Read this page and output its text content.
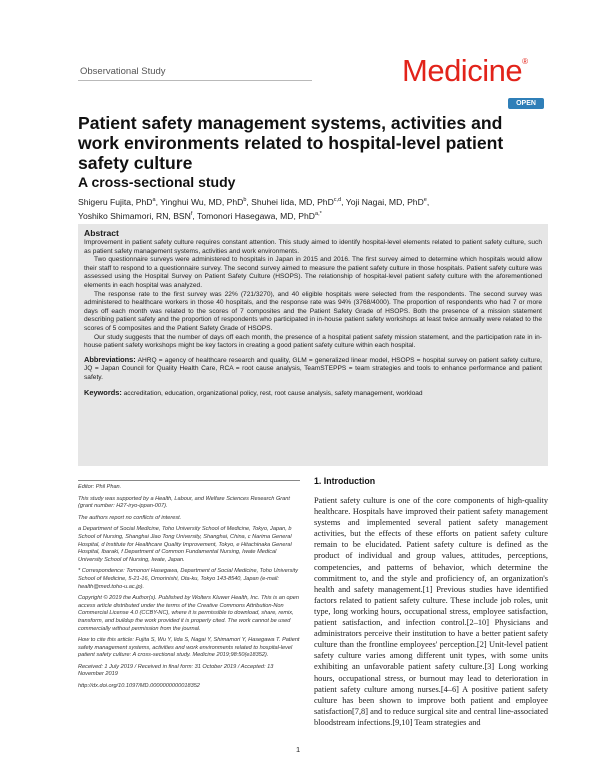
Observational Study	Medicine®
OPEN
Patient safety management systems, activities and work environments related to hospital-level patient safety culture
A cross-sectional study
Shigeru Fujita, PhD$^a$, Yinghui Wu, MD, PhD$^b$, Shuhei Iida, MD, PhD$^{c,d}$, Yoji Nagai, MD, PhD$^e$,
Yoshiko Shimamori, RN, BSN$^f$, Tomonori Hasegawa, MD, PhD$^{a,*}$
Abstract

Improvement in patient safety culture requires constant attention. This study aimed to identify hospital-level elements related to patient safety culture, such as patient safety management systems, activities and work environments.

Two questionnaire surveys were administered to hospitals in Japan in 2015 and 2016. The first survey aimed to determine which hospitals would allow their staff to respond to a questionnaire survey. The second survey aimed to measure the patient safety culture in those hospitals. Patient safety culture was assessed using the Hospital Survey on Patient Safety Culture (HSOPS). The relationship of hospital-level patient safety culture with the aforementioned elements in each hospital was analyzed.

The response rate to the first survey was 22% (721/3270), and 40 eligible hospitals were selected from the respondents. The second survey was administered to healthcare workers in those 40 hospitals, and the response rate was 94% (3768/4000). The proportion of respondents who had 7 or more days off each month was related to the scores of 7 composites and the Patient Safety Grade of HSOPS. Both the presence of a mission statement describing patient safety and the proportion of respondents who participated in in-house patient safety workshops at least twice annually were related to the scores of 5 composites and the Patient Safety Grade of HSOPS.

Our study suggests that the number of days off each month, the presence of a hospital patient safety mission statement, and the participation rate in in-house patient safety workshops might be key factors in creating a good patient safety culture within each hospital.

Abbreviations: AHRQ = agency of healthcare research and quality, GLM = generalized linear model, HSOPS = hospital survey on patient safety culture, JQ = Japan Council for Quality Health Care, RCA = root cause analysis, TeamSTEPPS = team strategies and tools to enhance performance and patient safety.

Keywords: accreditation, education, organizational policy, rest, root cause analysis, safety management, workload

Editor: Phil Phan.

This study was supported by a Health, Labour, and Welfare Sciences Research Grant (grant number: H27-iryo-ippan-007).

The authors report no conflicts of interest.

a Department of Social Medicine, Toho University School of Medicine, Tokyo, Japan, b School of Nursing, Shanghai Jiao Tong University, Shanghai, China, c Narima General Hospital, d Institute for Healthcare Quality Improvement, Tokyo, e Hitachinaka General Hospital, Ibaraki, f Department of Common Fundamental Nursing, Iwate Medical University School of Nursing, Iwate, Japan.

* Correspondence: Tomonori Hasegawa, Department of Social Medicine, Toho University School of Medicine, 5-21-16, Omorinishi, Ota-ku, Tokyo 143-8540, Japan (e-mail: health@med.toho-u.ac.jp).

Copyright © 2019 the Author(s). Published by Wolters Kluwer Health, Inc. This is an open access article distributed under the terms of the Creative Commons Attribution-Non Commercial License 4.0 (CCBY-NC), where it is permissible to download, share, remix, transform, and buildup the work provided it is properly cited. The work cannot be used commercially without permission from the journal.

How to cite this article: Fujita S, Wu Y, Iida S, Nagai Y, Shimamori Y, Hasegawa T. Patient safety management systems, activities and work environments related to hospital-level patient safety culture: A cross-sectional study. Medicine 2019;98:50(e18352).

Received: 1 July 2019 / Received in final form: 31 October 2019 / Accepted: 13 November 2019

http://dx.doi.org/10.1097/MD.0000000000018352

1. Introduction

Patient safety culture is one of the core components of high-quality healthcare. Hospitals have improved their patient safety management systems and implemented several patient safety management activities, but the effects of these efforts on patient safety culture remain to be elucidated. Patient safety culture is defined as the product of individual and group values, attitudes, perceptions, competencies, and patterns of behavior, which determine the commitment to, and the style and proficiency of, an organization's health and safety management.[1] Previous studies have identified factors related to patient safety culture. These include job roles, unit type, long working hours, occupational stress, employee satisfaction, patient satisfaction, and infection control.[2–10] Physicians and administrators perceive their institution to have a better patient safety culture than the frontline employees' perception.[2] Unit-level patient safety culture varies among different unit types, with some units exhibiting an unfavorable patient safety culture.[3] Long working hours, occupational stress, or burnout may lead to deterioration in patient safety culture among nurses.[4–6] A positive patient safety culture has been shown to improve both patient and employee satisfaction[7,8] and to reduce surgical site and central line-associated bloodstream infections.[9,10] Team strategies and

1
